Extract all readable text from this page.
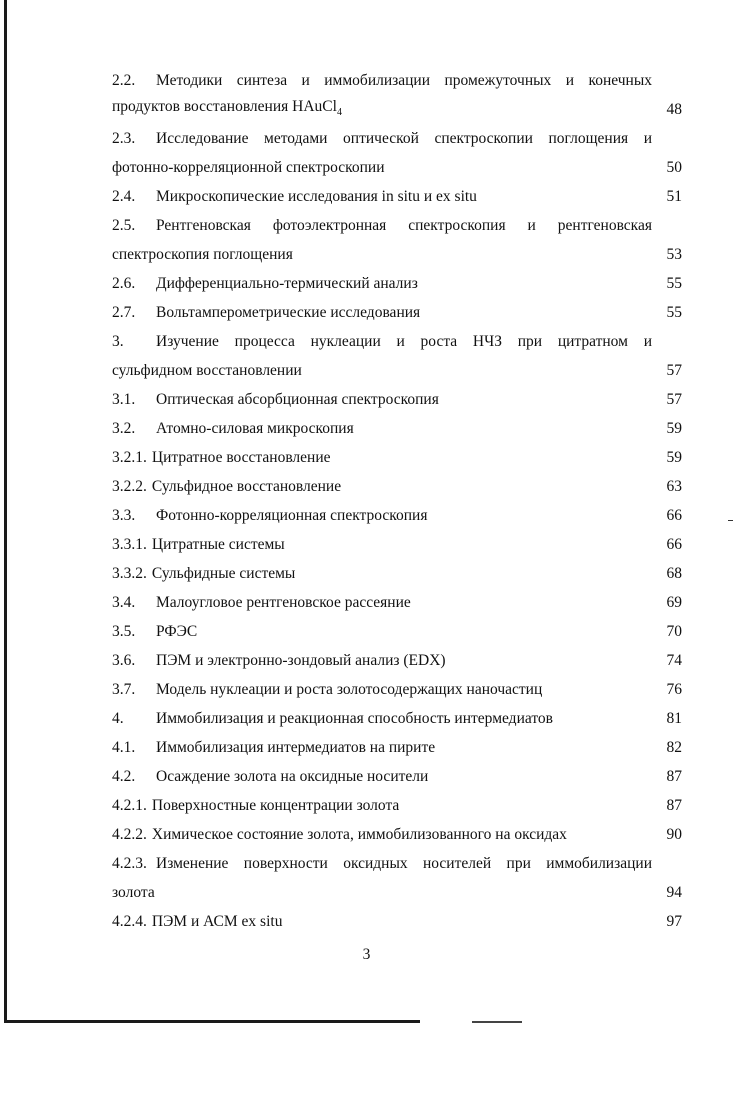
2.2.	Методики синтеза и иммобилизации промежуточных и конечных
продуктов восстановления HAuCl$_4$	48
2.3.	Исследование методами оптической спектроскопии поглощения и
фотонно-корреляционной спектроскопии	50
2.4.	Микроскопические исследования in situ и ex situ	51
2.5.	Рентгеновская фотоэлектронная спектроскопия и рентгеновская
спектроскопия поглощения	53
2.6.	Дифференциально-термический анализ	55
2.7.	Вольтамперометрические исследования	55
3.	Изучение процесса нуклеации и роста НЧЗ при цитратном и
сульфидном восстановлении	57
3.1.	Оптическая абсорбционная спектроскопия	57
3.2.	Атомно-силовая микроскопия	59
3.2.1. Цитратное восстановление	59
3.2.2. Сульфидное восстановление	63
3.3.	Фотонно-корреляционная спектроскопия	66
3.3.1. Цитратные системы	66
3.3.2. Сульфидные системы	68
3.4.	Малоугловое рентгеновское рассеяние	69
3.5.	РФЭС	70
3.6.	ПЭМ и электронно-зондовый анализ (EDX)	74
3.7.	Модель нуклеации и роста золотосодержащих наночастиц	76
4.	Иммобилизация и реакционная способность интермедиатов	81
4.1.	Иммобилизация интермедиатов на пирите	82
4.2.	Осаждение золота на оксидные носители	87
4.2.1. Поверхностные концентрации золота	87
4.2.2. Химическое состояние золота, иммобилизованного на оксидах	90
4.2.3. Изменение поверхности оксидных носителей при иммобилизации
золота	94
4.2.4. ПЭМ и АСМ ex situ	97
3
